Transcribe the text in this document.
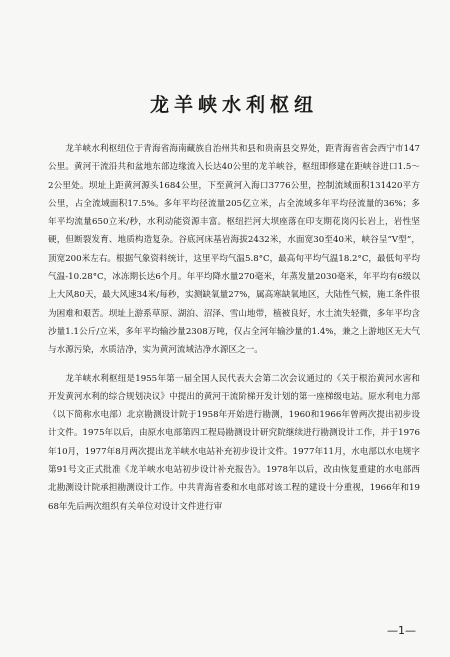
龙羊峡水利枢纽

龙羊峡水利枢纽位于青海省海南藏族自治州共和县和贵南县交界处，距青海省省会西宁市147公里。黄河干流沿共和盆地东部边缘流入长达40公里的龙羊峡谷，枢纽即修建在距峡谷进口1.5～2公里处。坝址上距黄河源头1684公里，下至黄河入海口3776公里，控制流域面积131420平方公里，占全流域面积17.5%。多年平均径流量205亿立米，占全流域多年平均径流量的36%；多年平均流量650立米/秒，水利动能资源丰富。枢纽拦河大坝座落在印支期花岗闪长岩上，岩性坚硬，但断裂发育、地质构造复杂。谷底河床基岩海拔2432米，水面宽30至40米，峡谷呈“V型”，顶宽200米左右。根据气象资料统计，这里平均气温5.8°C，最高旬平均气温18.2°C，最低旬平均气温-10.28°C，冰冻期长达6个月。年平均降水量270毫米，年蒸发量2030毫米，年平均有6级以上大风80天，最大风速34米/每秒，实测缺氧量27%，属高寒缺氧地区，大陆性气候，施工条件很为困难和艰苦。坝址上游系草原、湖泊、沼泽、雪山地带，植被良好，水土流失轻微，多年平均含沙量1.1公斤/立米，多年平均输沙量2308万吨，仅占全河年输沙量的1.4%，兼之上游地区无大气与水源污染，水质洁净，实为黄河流域洁净水源区之一。

龙羊峡水利枢纽是1955年第一届全国人民代表大会第二次会议通过的《关于根治黄河水害和开发黄河水利的综合规划决议》中提出的黄河干流阶梯开发计划的第一座梯级电站。原水利电力部（以下简称水电部）北京勘测设计院于1958年开始进行勘测，1960和1966年曾两次提出初步设计文件。1975年以后，由原水电部第四工程局勘测设计研究院继续进行勘测设计工作，并于1976年10月，1977年8月两次提出龙羊峡水电站补充初步设计文件。1977年11月，水电部以水电规字第91号文正式批准《龙羊峡水电站初步设计补充报告》。1978年以后，改由恢复重建的水电部西北勘测设计院承担勘测设计工作。中共青海省委和水电部对该工程的建设十分重视，1966年和1968年先后两次组织有关单位对设计文件进行审

—1—
